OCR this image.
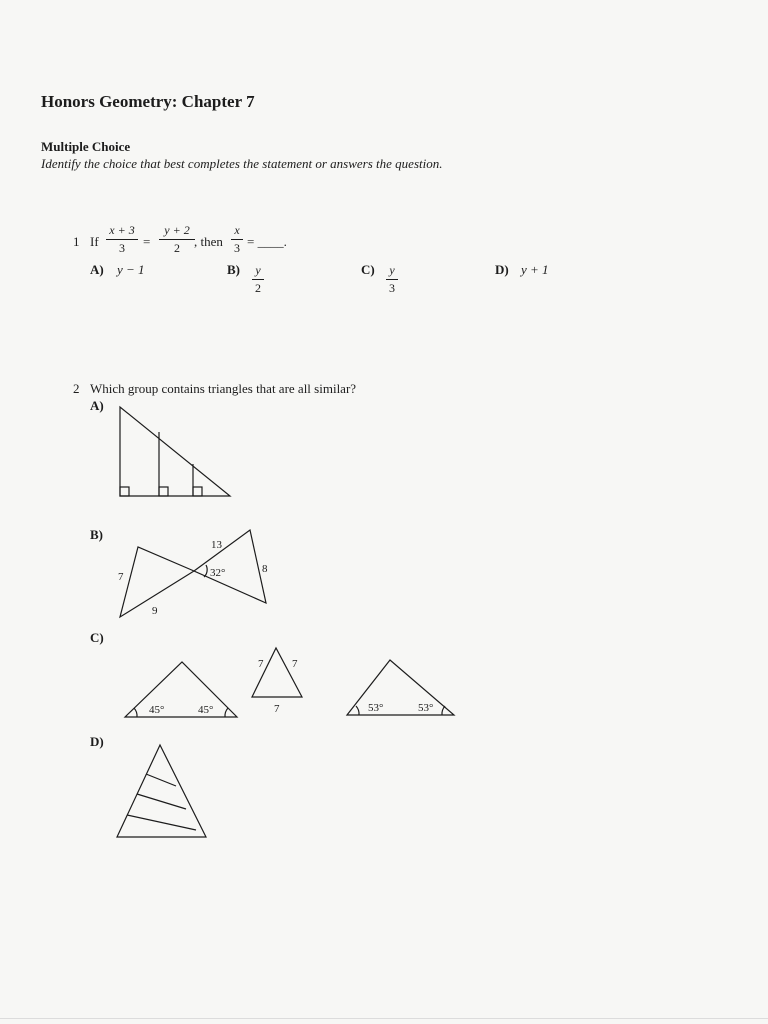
Honors Geometry: Chapter 7
Multiple Choice
Identify the choice that best completes the statement or answers the question.
1 If
x + 3
3	=
y + 2
2	, then
x
3 = ____.
A) y − 1	B) y
2
C) y
3
D) y + 1
2 Which group contains triangles that are all similar?
A)
B)
C)
D)
13
8
7
9
32°
45°	45°
7	7
7	53°	53°
